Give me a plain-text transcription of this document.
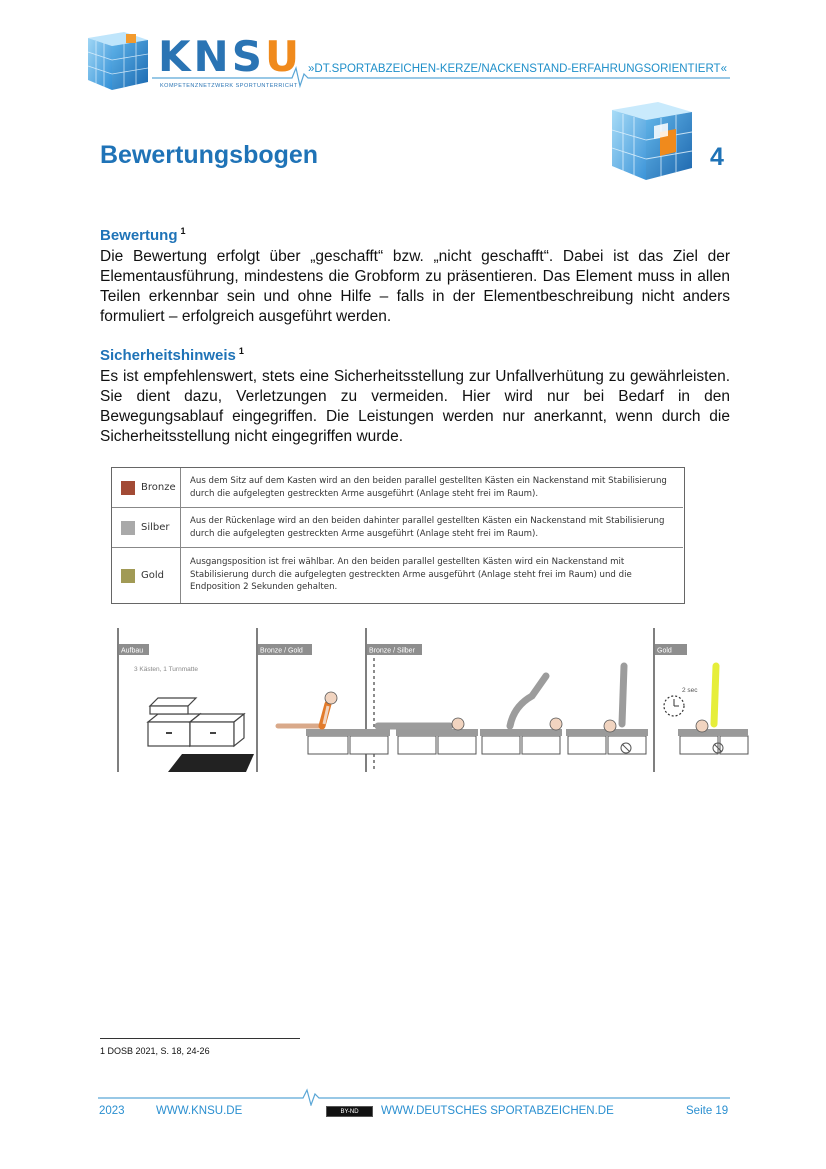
KNSU
KOMPETENZNETZWERK SPORTUNTERRICHT
»DT.SPORTABZEICHEN-KERZE/NACKENSTAND-ERFAHRUNGSORIENTIERT«
Bewertungsbogen	4
Bewertung $^1$
Die Bewertung erfolgt über „geschafft“ bzw. „nicht geschafft“. Dabei ist das Ziel der Elementausführung, mindestens die Grobform zu präsentieren. Das Element muss in allen Teilen erkennbar sein und ohne Hilfe – falls in der Elementbeschreibung nicht anders formuliert – erfolgreich ausgeführt werden.
Sicherheitshinweis $^1$
Es ist empfehlenswert, stets eine Sicherheitsstellung zur Unfallverhütung zu gewährleisten. Sie dient dazu, Verletzungen zu vermeiden. Hier wird nur bei Bedarf in den Bewegungsablauf eingegriffen. Die Leistungen werden nur anerkannt, wenn durch die Sicherheitsstellung nicht eingegriffen wurde.
Bronze
Aus dem Sitz auf dem Kasten wird an den beiden parallel gestellten Kästen ein Nackenstand mit Stabilisierung durch die aufgelegten gestreckten Arme ausgeführt (Anlage steht frei im Raum).
Silber
Aus der Rückenlage wird an den beiden dahinter parallel gestellten Kästen ein Nackenstand mit Stabilisierung durch die aufgelegten gestreckten Arme ausgeführt (Anlage steht frei im Raum).
Gold
Ausgangsposition ist frei wählbar. An den beiden parallel gestellten Kästen wird ein Nackenstand mit Stabilisierung durch die aufgelegten gestreckten Arme ausgeführt (Anlage steht frei im Raum) und die Endposition 2 Sekunden gehalten.
Aufbau	Bronze / Gold	Bronze / Silber	Gold
3 Kästen, 1 Turnmatte
2 sec
1 DOSB 2021, S. 18, 24-26
2023	WWW.KNSU.DE	BY-ND WWW.DEUTSCHES SPORTABZEICHEN.DE	Seite 19
